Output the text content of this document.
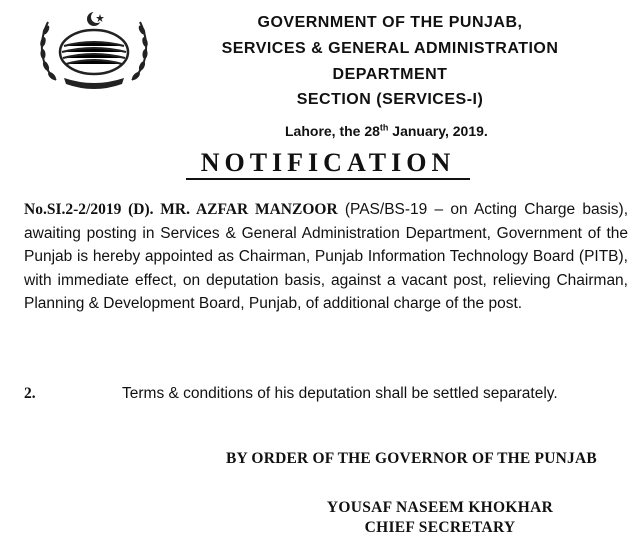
GOVERNMENT OF THE PUNJAB,
SERVICES & GENERAL ADMINISTRATION
DEPARTMENT
SECTION (SERVICES-I)
Lahore, the 28th January, 2019.
NOTIFICATION
No.SI.2-2/2019 (D). MR. AZFAR MANZOOR (PAS/BS-19 – on Acting Charge basis), awaiting posting in Services & General Administration Department, Government of the Punjab is hereby appointed as Chairman, Punjab Information Technology Board (PITB), with immediate effect, on deputation basis, against a vacant post, relieving Chairman, Planning & Development Board, Punjab, of additional charge of the post.
2.	Terms & conditions of his deputation shall be settled separately.
BY ORDER OF THE GOVERNOR OF THE PUNJAB
YOUSAF NASEEM KHOKHAR
CHIEF SECRETARY
